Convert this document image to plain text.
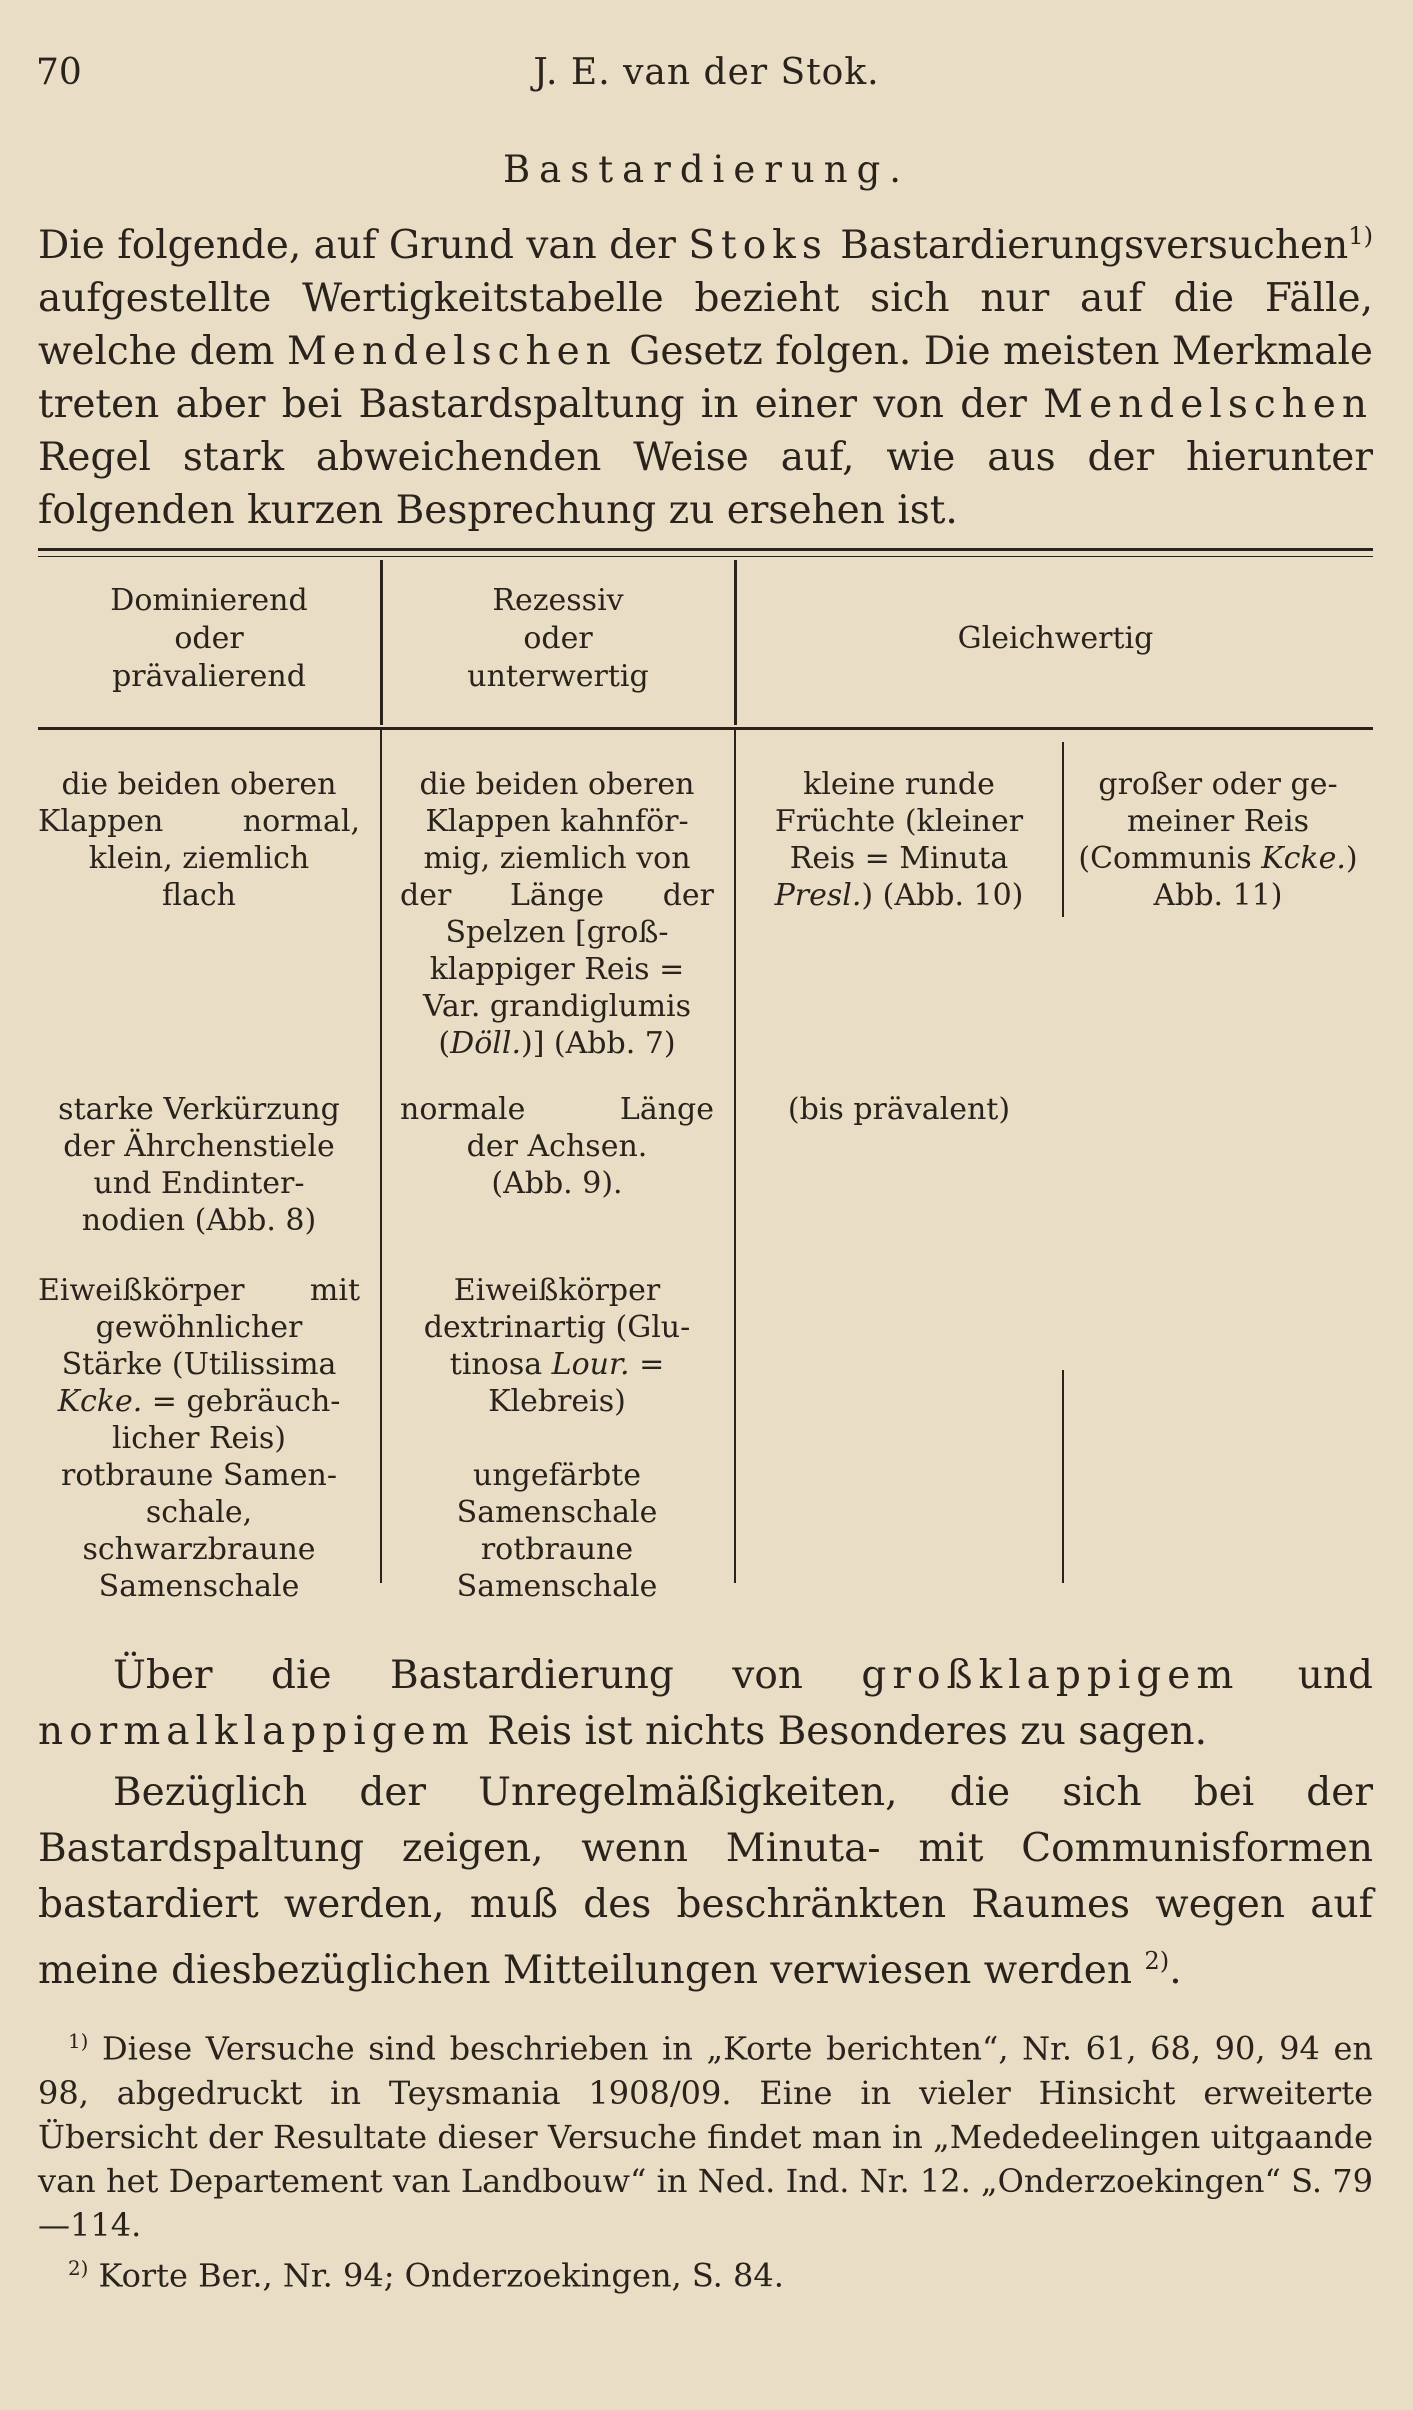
70	J. E. van der Stok.
Bastardierung.

Die folgende, auf Grund van der Stoks Bastardierungsversuchen$^{1)}$ aufgestellte Wertigkeitstabelle bezieht sich nur auf die Fälle, welche dem Mendelschen Gesetz folgen. Die meisten Merkmale treten aber bei Bastardspaltung in einer von der Mendelschen Regel stark abweichenden Weise auf, wie aus der hierunter folgenden kurzen Besprechung zu ersehen ist.

Dominierend
oder
prävalierend
Rezessiv
oder
unterwertig
Gleichwertig
die beiden oberen
Klappen normal,
klein, ziemlich
flach
die beiden oberen
Klappen kahnför-
mig, ziemlich von
der Länge der
Spelzen [groß-
klappiger Reis =
Var. grandiglumis
(Döll.)] (Abb. 7)
kleine runde
Früchte (kleiner
Reis = Minuta
Presl.) (Abb. 10)
großer oder ge-
meiner Reis
(Communis Kcke.)
Abb. 11)
starke Verkürzung
der Ährchenstiele
und Endinter-
nodien (Abb. 8)
normale Länge
der Achsen.
(Abb. 9).
(bis prävalent)
Eiweißkörper mit
gewöhnlicher
Stärke (Utilissima
Kcke. = gebräuch-
licher Reis)
Eiweißkörper
dextrinartig (Glu-
tinosa Lour. =
Klebreis)
rotbraune Samen-
schale,
schwarzbraune
Samenschale
ungefärbte
Samenschale
rotbraune
Samenschale

Über die Bastardierung von großklappigem und normalklappigem Reis ist nichts Besonderes zu sagen.

Bezüglich der Unregelmäßigkeiten, die sich bei der Bastardspaltung zeigen, wenn Minuta- mit Communisformen bastardiert werden, muß des beschränkten Raumes wegen auf meine diesbezüglichen Mitteilungen verwiesen werden $^{2)}$.

$^{1)}$ Diese Versuche sind beschrieben in „Korte berichten“, Nr. 61, 68, 90, 94 en 98, abgedruckt in Teysmania 1908/09. Eine in vieler Hinsicht erweiterte Übersicht der Resultate dieser Versuche findet man in „Mededeelingen uitgaande van het Departement van Landbouw“ in Ned. Ind. Nr. 12. „Onderzoekingen“ S. 79—114.

$^{2)}$ Korte Ber., Nr. 94; Onderzoekingen, S. 84.
